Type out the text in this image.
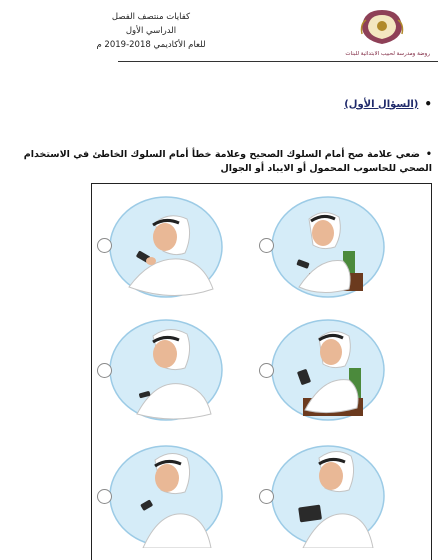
كفايات منتصف الفصل
الدراسي الأول
للعام الأكاديمي 2018-2019 م
روضة ومدرسة لحبيب الابتدائية للبنات
•
(السؤال الأول)
•ضعي علامة صح أمام السلوك الصحيح وعلامة خطأ أمام السلوك الخاطئ في الاستخدام
الصحي للحاسوب المحمول أو الايباد أو الجوال
